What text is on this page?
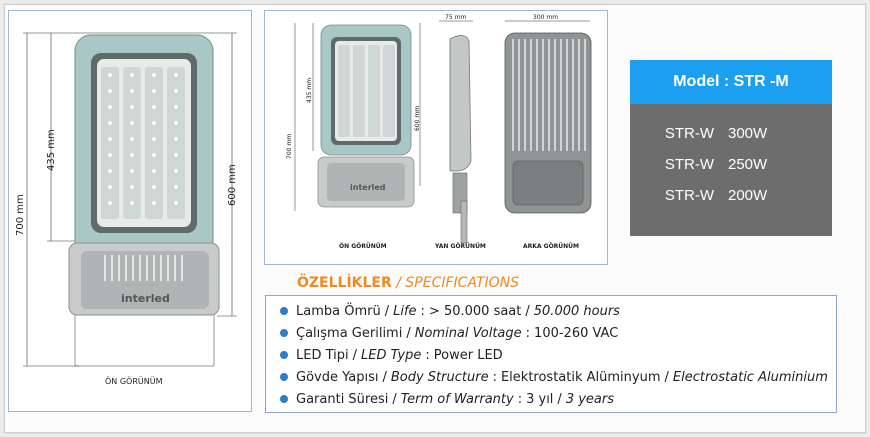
435 mm
700 mm
600 mm
interled
ÖN GÖRÜNÜM
75 mm	300 mm
435 mm
700 mm
600 mm
interled
ÖN GÖRÜNÜM	YAN GÖRÜNÜM	ARKA GÖRÜNÜM
Model : STR -M
STR-W 300W
STR-W 250W
STR-W 200W
ÖZELLİKLER / SPECIFICATIONS
Lamba Ömrü / Life : > 50.000 saat / 50.000 hours
Çalışma Gerilimi / Nominal Voltage : 100-260 VAC
LED Tipi / LED Type : Power LED
Gövde Yapısı / Body Structure : Elektrostatik Alüminyum / Electrostatic Aluminium
Garanti Süresi / Term of Warranty : 3 yıl / 3 years
